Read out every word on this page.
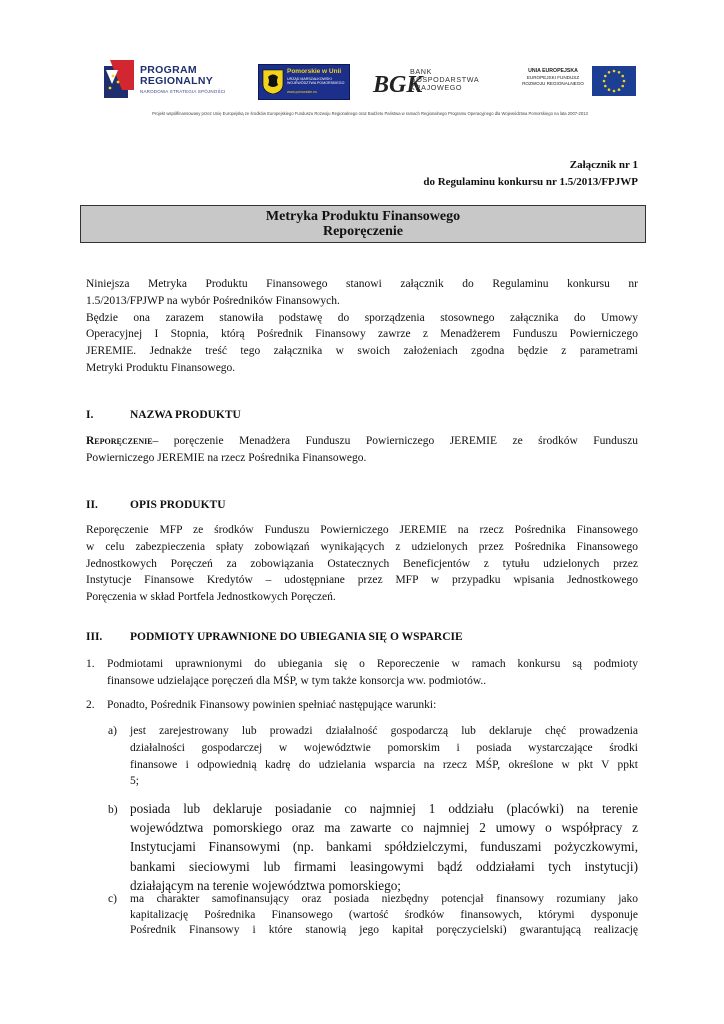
PROGRAM
REGIONALNY
NARODOWA STRATEGIA SPÓJNOŚCI
Pomorskie w Unii
URZĄD MARSZAŁKOWSKI WOJEWÓDZTWA POMORSKIEGO
www.pomorskie.eu BGK
BANK
GOSPODARSTWA
KRAJOWEGO
UNIA EUROPEJSKA
EUROPEJSKI FUNDUSZ
ROZWOJU REGIONALNEGO
Projekt współfinansowany przez Unię Europejską ze środków Europejskiego Funduszu Rozwoju Regionalnego oraz Budżetu Państwa w ramach Regionalnego Programu Operacyjnego dla Województwa Pomorskiego na lata 2007-2013
Załącznik nr 1
do Regulaminu konkursu nr 1.5/2013/FPJWP
Metryka Produktu Finansowego
Reporęczenie
Niniejsza Metryka Produktu Finansowego stanowi załącznik do Regulaminu konkursu nr
1.5/2013/FPJWP na wybór Pośredników Finansowych.
Będzie ona zarazem stanowiła podstawę do sporządzenia stosownego załącznika do Umowy
Operacyjnej I Stopnia, którą Pośrednik Finansowy zawrze z Menadżerem Funduszu Powierniczego
JEREMIE. Jednakże treść tego załącznika w swoich założeniach zgodna będzie z parametrami
Metryki Produktu Finansowego.
I.	NAZWA PRODUKTU
Reporęczenie– poręczenie Menadżera Funduszu Powierniczego JEREMIE ze środków Funduszu
Powierniczego JEREMIE na rzecz Pośrednika Finansowego.
II.	OPIS PRODUKTU
Reporęczenie MFP ze środków Funduszu Powierniczego JEREMIE na rzecz Pośrednika Finansowego
w celu zabezpieczenia spłaty zobowiązań wynikających z udzielonych przez Pośrednika Finansowego
Jednostkowych Poręczeń za zobowiązania Ostatecznych Beneficjentów z tytułu udzielonych przez
Instytucje Finansowe Kredytów – udostępniane przez MFP w przypadku wpisania Jednostkowego
Poręczenia w skład Portfela Jednostkowych Poręczeń.
III. PODMIOTY UPRAWNIONE DO UBIEGANIA SIĘ O WSPARCIE
1. Podmiotami uprawnionymi do ubiegania się o Reporeczenie w ramach konkursu są podmioty
finansowe udzielające poręczeń dla MŚP, w tym także konsorcja ww. podmiotów..
2. Ponadto, Pośrednik Finansowy powinien spełniać następujące warunki:
a) jest zarejestrowany lub prowadzi działalność gospodarczą lub deklaruje chęć prowadzenia
działalności gospodarczej w województwie pomorskim i posiada wystarczające środki
finansowe i odpowiednią kadrę do udzielania wsparcia na rzecz MŚP, określone w pkt V ppkt
5;
b) posiada lub deklaruje posiadanie co najmniej 1 oddziału (placówki) na terenie
województwa pomorskiego oraz ma zawarte co najmniej 2 umowy o współpracy z
Instytucjami Finansowymi (np. bankami spółdzielczymi, funduszami pożyczkowymi,
bankami sieciowymi lub firmami leasingowymi bądź oddziałami tych instytucji)
działającym na terenie województwa pomorskiego;
c) ma charakter samofinansujący oraz posiada niezbędny potencjał finansowy rozumiany jako
kapitalizację Pośrednika Finansowego (wartość środków finansowych, którymi dysponuje
Pośrednik Finansowy i które stanowią jego kapitał poręczycielski) gwarantującą realizację
